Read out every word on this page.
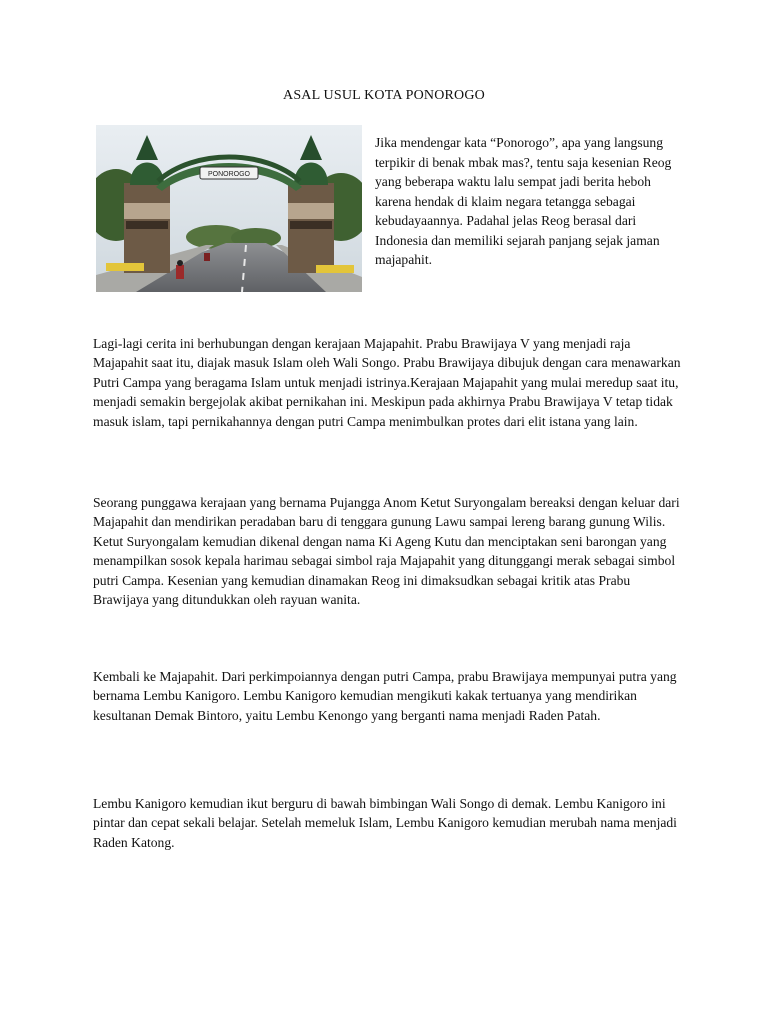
ASAL USUL KOTA PONOROGO
PONOROGO

Jika mendengar kata “Ponorogo”, apa yang langsung terpikir di benak mbak mas?, tentu saja kesenian Reog yang beberapa waktu lalu sempat jadi berita heboh karena hendak di klaim negara tetangga sebagai kebudayaannya. Padahal jelas Reog berasal dari Indonesia dan memiliki sejarah panjang sejak jaman majapahit.

Lagi-lagi cerita ini berhubungan dengan kerajaan Majapahit. Prabu Brawijaya V yang menjadi raja Majapahit saat itu, diajak masuk Islam oleh Wali Songo. Prabu Brawijaya dibujuk dengan cara menawarkan Putri Campa yang beragama Islam untuk menjadi istrinya.Kerajaan Majapahit yang mulai meredup saat itu, menjadi semakin bergejolak akibat pernikahan ini. Meskipun pada akhirnya Prabu Brawijaya V tetap tidak masuk islam, tapi pernikahannya dengan putri Campa menimbulkan protes dari elit istana yang lain.

Seorang punggawa kerajaan yang bernama Pujangga Anom Ketut Suryongalam bereaksi dengan keluar dari Majapahit dan mendirikan peradaban baru di tenggara gunung Lawu sampai lereng barang gunung Wilis. Ketut Suryongalam kemudian dikenal dengan nama Ki Ageng Kutu dan menciptakan seni barongan yang menampilkan sosok kepala harimau sebagai simbol raja Majapahit yang ditunggangi merak sebagai simbol putri Campa. Kesenian yang kemudian dinamakan Reog ini dimaksudkan sebagai kritik atas Prabu Brawijaya yang ditundukkan oleh rayuan wanita.

Kembali ke Majapahit. Dari perkimpoiannya dengan putri Campa, prabu Brawijaya mempunyai putra yang bernama Lembu Kanigoro. Lembu Kanigoro kemudian mengikuti kakak tertuanya yang mendirikan kesultanan Demak Bintoro, yaitu Lembu Kenongo yang berganti nama menjadi Raden Patah.

Lembu Kanigoro kemudian ikut berguru di bawah bimbingan Wali Songo di demak. Lembu Kanigoro ini pintar dan cepat sekali belajar. Setelah memeluk Islam, Lembu Kanigoro kemudian merubah nama menjadi Raden Katong.
